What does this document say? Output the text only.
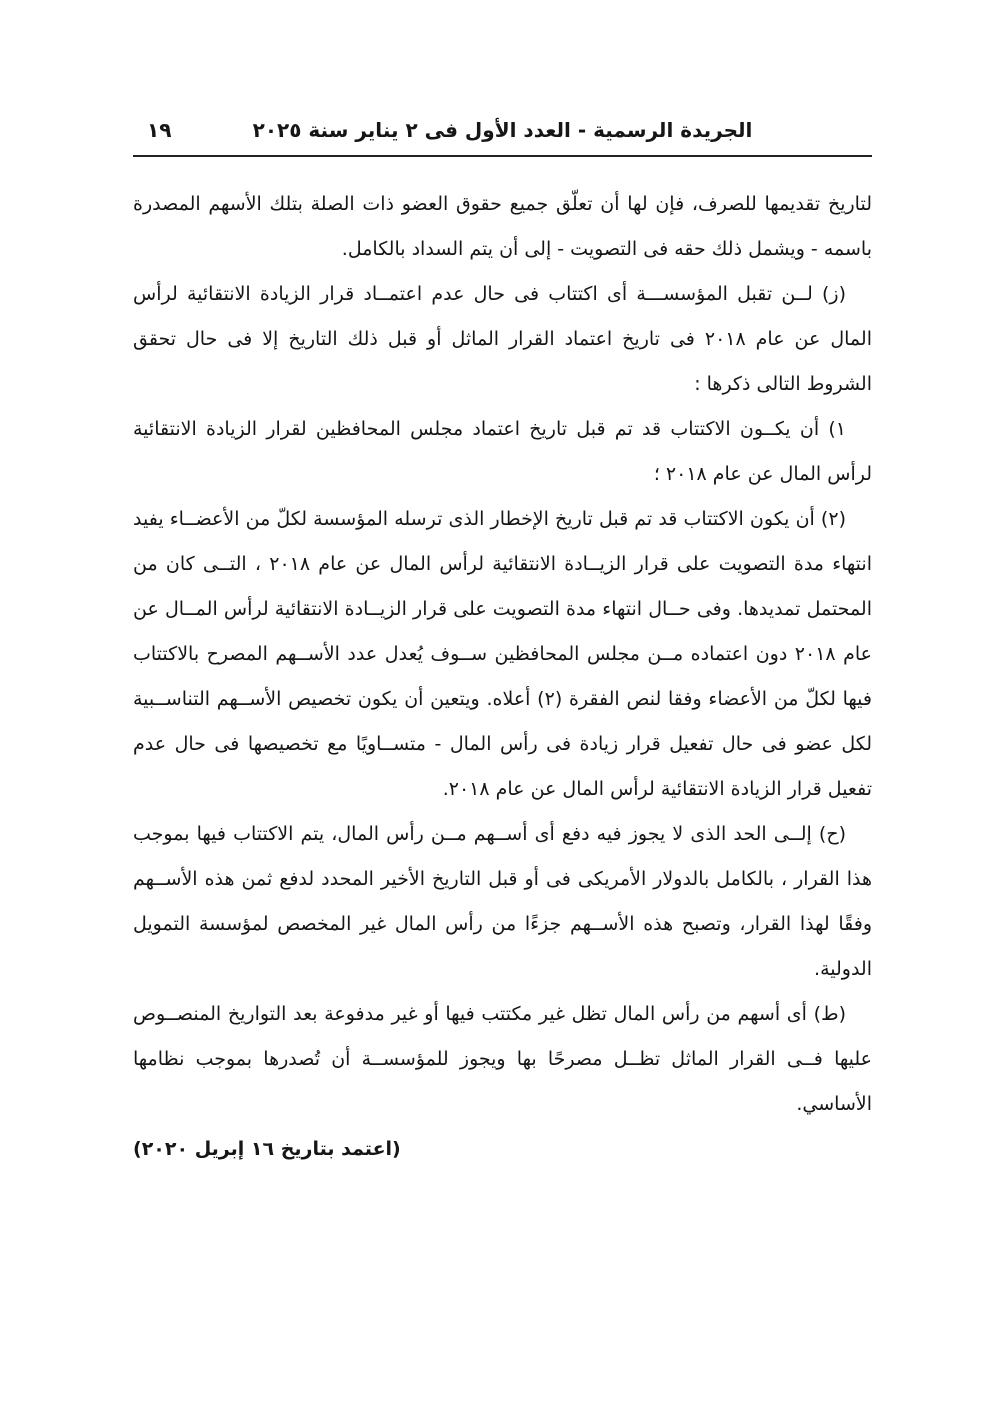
الجريدة الرسمية - العدد الأول فى ٢ يناير سنة ٢٠٢٥
١٩

لتاريخ تقديمها للصرف، فإن لها أن تعلّق جميع حقوق العضو ذات الصلة بتلك الأسهم المصدرة باسمه - ويشمل ذلك حقه فى التصويت - إلى أن يتم السداد بالكامل.

(ز) لــن تقبل المؤسســـة أى اكتتاب فى حال عدم اعتمــاد قرار الزيادة الانتقائية لرأس المال عن عام ٢٠١٨ فى تاريخ اعتماد القرار الماثل أو قبل ذلك التاريخ إلا فى حال تحقق الشروط التالى ذكرها :

١) أن يكــون الاكتتاب قد تم قبل تاريخ اعتماد مجلس المحافظين لقرار الزيادة الانتقائية لرأس المال عن عام ٢٠١٨ ؛

(٢) أن يكون الاكتتاب قد تم قبل تاريخ الإخطار الذى ترسله المؤسسة لكلّ من الأعضــاء يفيد انتهاء مدة التصويت على قرار الزيــادة الانتقائية لرأس المال عن عام ٢٠١٨ ، التــى كان من المحتمل تمديدها. وفى حــال انتهاء مدة التصويت على قرار الزيــادة الانتقائية لرأس المــال عن عام ٢٠١٨ دون اعتماده مــن مجلس المحافظين ســوف يُعدل عدد الأســهم المصرح بالاكتتاب فيها لكلّ من الأعضاء وفقا لنص الفقرة (٢) أعلاه. ويتعين أن يكون تخصيص الأســهم التناســبية لكل عضو فى حال تفعيل قرار زيادة فى رأس المال - متســاويًا مع تخصيصها فى حال عدم تفعيل قرار الزيادة الانتقائية لرأس المال عن عام ٢٠١٨.

(ح) إلــى الحد الذى لا يجوز فيه دفع أى أســهم مــن رأس المال، يتم الاكتتاب فيها بموجب هذا القرار ، بالكامل بالدولار الأمريكى فى أو قبل التاريخ الأخير المحدد لدفع ثمن هذه الأســهم وفقًا لهذا القرار، وتصبح هذه الأســهم جزءًا من رأس المال غير المخصص لمؤسسة التمويل الدولية.

(ط) أى أسهم من رأس المال تظل غير مكتتب فيها أو غير مدفوعة بعد التواريخ المنصــوص عليها فــى القرار الماثل تظــل مصرحًا بها ويجوز للمؤسســة أن تُصدرها بموجب نظامها الأساسي.

(اعتمد بتاريخ ١٦ إبريل ٢٠٢٠)
